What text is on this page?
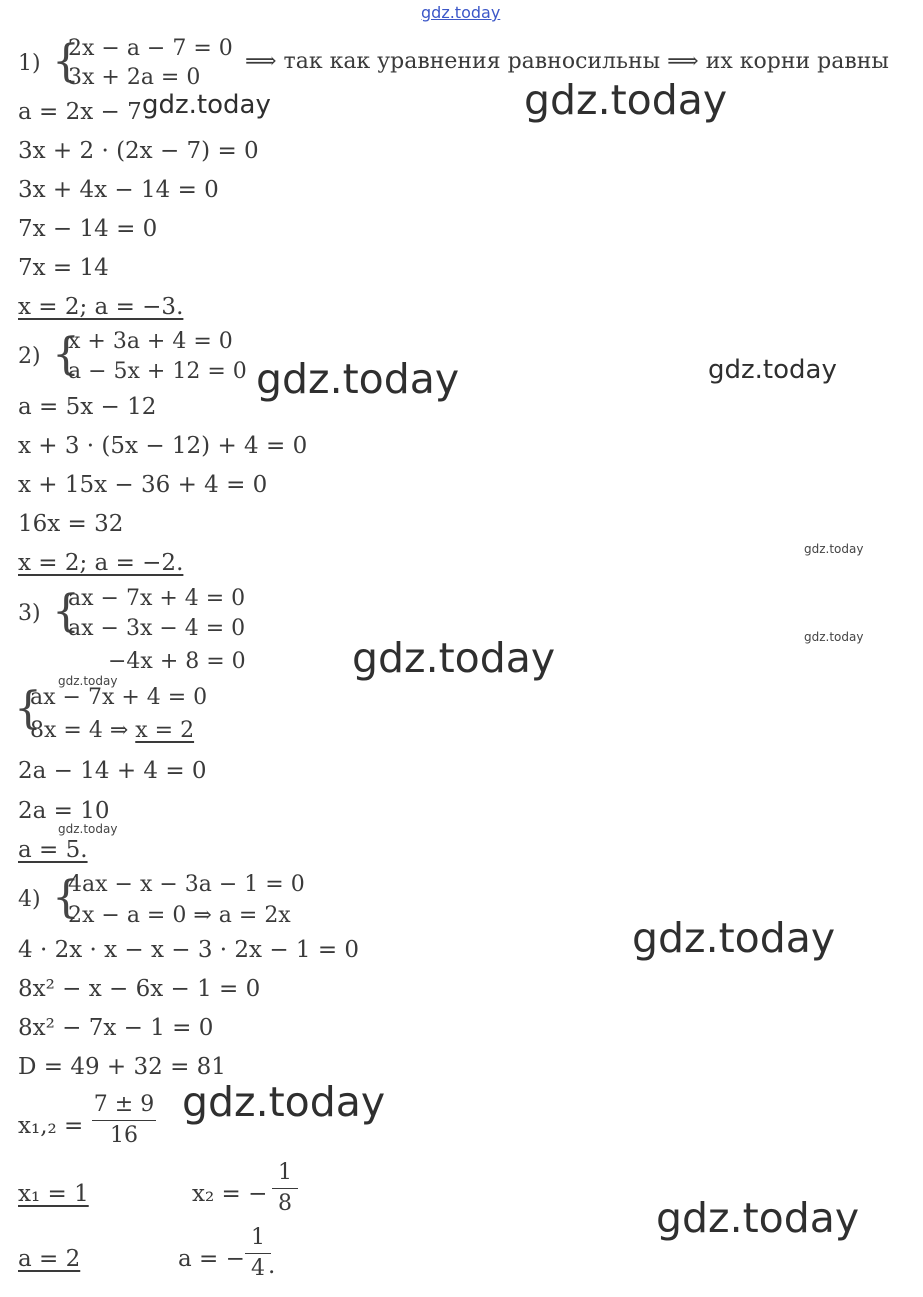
gdz.today
1) {
2x − a − 7 = 0
3x + 2a = 0
⟹ так как уравнения равносильны ⟹ их корни равны
a = 2x − 7
3x + 2 · (2x − 7) = 0
3x + 4x − 14 = 0
7x − 14 = 0
7x = 14
x = 2; a = −3.
2) {
x + 3a + 4 = 0
a − 5x + 12 = 0
a = 5x − 12
x + 3 · (5x − 12) + 4 = 0
x + 15x − 36 + 4 = 0
16x = 32
x = 2; a = −2.
3) {
ax − 7x + 4 = 0
ax − 3x − 4 = 0
−4x + 8 = 0
{
ax − 7x + 4 = 0
8x = 4 ⇒ x = 2
2a − 14 + 4 = 0
2a = 10
a = 5.
4) {
4ax − x − 3a − 1 = 0
2x − a = 0 ⇒ a = 2x
4 · 2x · x − x − 3 · 2x − 1 = 0
8x² − x − 6x − 1 = 0
8x² − 7x − 1 = 0
D = 49 + 32 = 81
x₁,₂ =
7 ± 9
16
x₁ = 1	x₂ = −
1
8
a = 2	a = −
1
4 .
gdz.today	gdz.today
gdz.today	gdz.today
gdz.today
gdz.today
gdz.today
gdz.today
gdz.today
gdz.today
gdz.today
gdz.today
